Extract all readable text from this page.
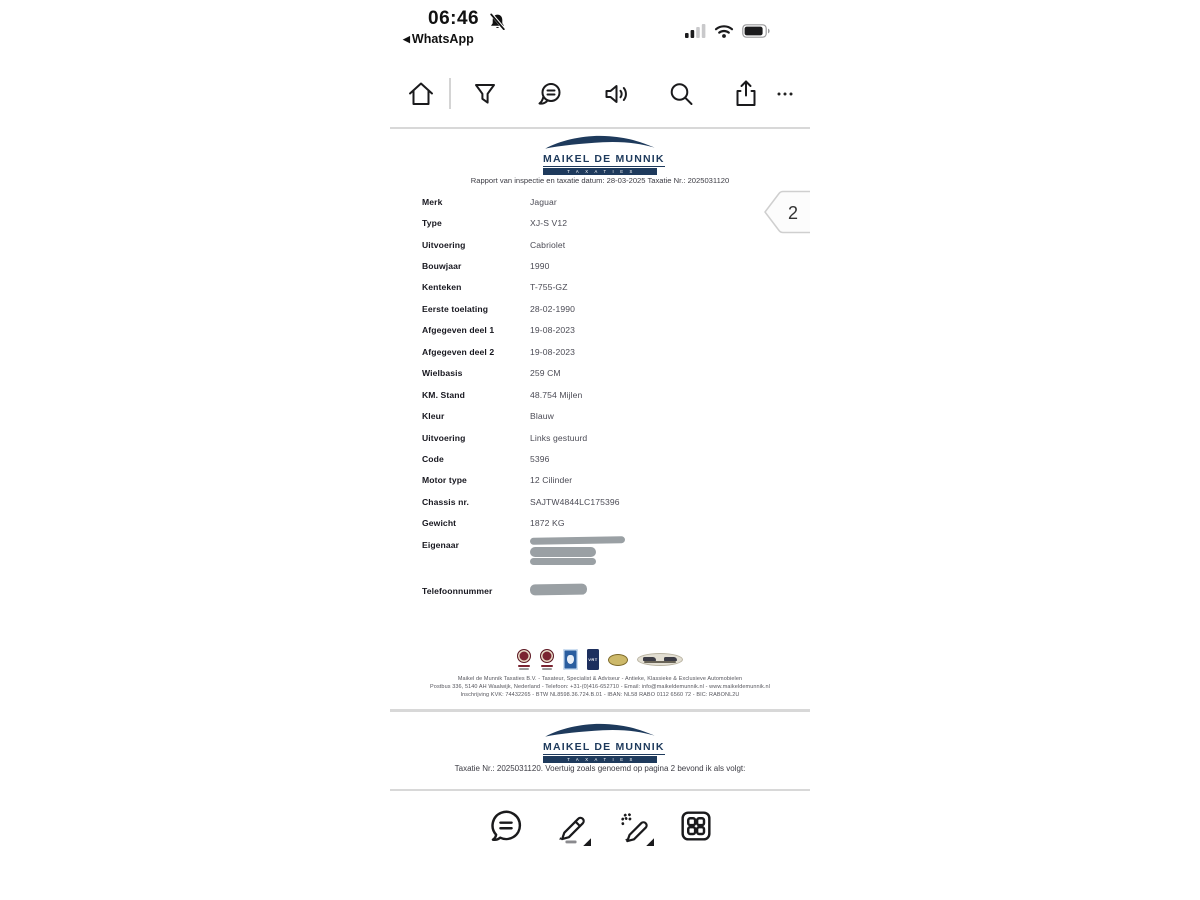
06:46
◀ WhatsApp
MAIKEL DE MUNNIK
TAXATIES
Rapport van inspectie en taxatie datum: 28-03-2025 Taxatie Nr.: 2025031120
Merk	Jaguar
Type	XJ-S V12
Uitvoering	Cabriolet
Bouwjaar	1990
Kenteken	T-755-GZ
Eerste toelating	28-02-1990
Afgegeven deel 1	19-08-2023
Afgegeven deel 2	19-08-2023
Wielbasis	259 CM
KM. Stand	48.754 Mijlen
Kleur	Blauw
Uitvoering	Links gestuurd
Code	5396
Motor type	12 Cilinder
Chassis nr.	SAJTW4844LC175396
Gewicht	1872 KG
Eigenaar
Telefoonnummer
2
VRT
Maikel de Munnik Taxaties B.V. - Taxateur, Specialist & Adviseur - Antieke, Klassieke & Exclusieve Automobielen
Postbus 336, 5140 AH Waalwijk, Nederland - Telefoon: +31-(0)416-652710 - Email: info@maikeldemunnik.nl - www.maikeldemunnik.nl
Inschrijving KVK: 74432265 - BTW NL8598.36.724.B.01 - IBAN: NL58 RABO 0112 6560 72 - BIC: RABONL2U
MAIKEL DE MUNNIK
TAXATIES
Taxatie Nr.: 2025031120. Voertuig zoals genoemd op pagina 2 bevond ik als volgt:
